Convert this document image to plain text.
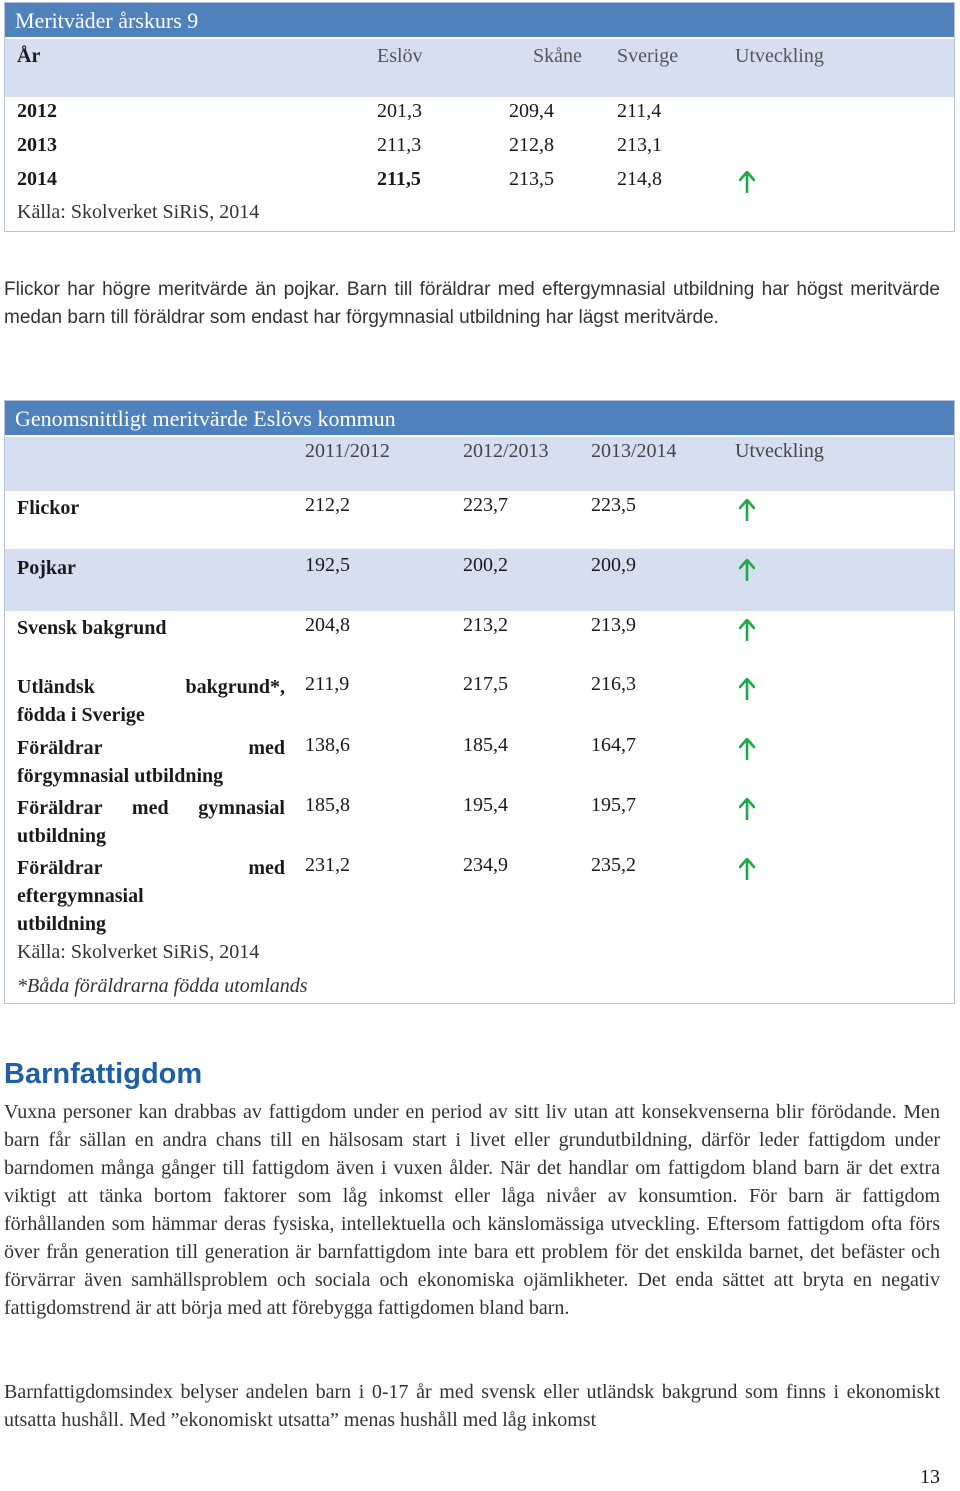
Meritväder årskurs 9
År	Eslöv	Skåne Sverige	Utveckling
2012	201,3	209,4	211,4
2013	211,3	212,8	213,1
2014	211,5	213,5	214,8
Källa: Skolverket SiRiS, 2014

Flickor har högre meritvärde än pojkar. Barn till föräldrar med eftergymnasial utbildning har högst meritvärde medan barn till föräldrar som endast har förgymnasial utbildning har lägst meritvärde.

Genomsnittligt meritvärde Eslövs kommun
2011/2012	2012/2013 2013/2014	Utveckling
Flickor	212,2	223,7	223,5
Pojkar	192,5	200,2	200,9
Svensk bakgrund	204,8	213,2	213,9
Utländsk bakgrund*,
födda i Sverige
211,9	217,5	216,3
Föräldrar med
förgymnasial utbildning
138,6	185,4	164,7
Föräldrar med gymnasial
utbildning
185,8	195,4	195,7
Föräldrar med
eftergymnasial
utbildning
231,2	234,9	235,2
Källa: Skolverket SiRiS, 2014
*Båda föräldrarna födda utomlands
Barnfattigdom

Vuxna personer kan drabbas av fattigdom under en period av sitt liv utan att konsekvenserna blir förödande. Men barn får sällan en andra chans till en hälsosam start i livet eller grundutbildning, därför leder fattigdom under barndomen många gånger till fattigdom även i vuxen ålder. När det handlar om fattigdom bland barn är det extra viktigt att tänka bortom faktorer som låg inkomst eller låga nivåer av konsumtion. För barn är fattigdom förhållanden som hämmar deras fysiska, intellektuella och känslomässiga utveckling. Eftersom fattigdom ofta förs över från generation till generation är barnfattigdom inte bara ett problem för det enskilda barnet, det befäster och förvärrar även samhällsproblem och sociala och ekonomiska ojämlikheter. Det enda sättet att bryta en negativ fattigdomstrend är att börja med att förebygga fattigdomen bland barn.

Barnfattigdomsindex belyser andelen barn i 0-17 år med svensk eller utländsk bakgrund som finns i ekonomiskt utsatta hushåll. Med ”ekonomiskt utsatta” menas hushåll med låg inkomst

13
